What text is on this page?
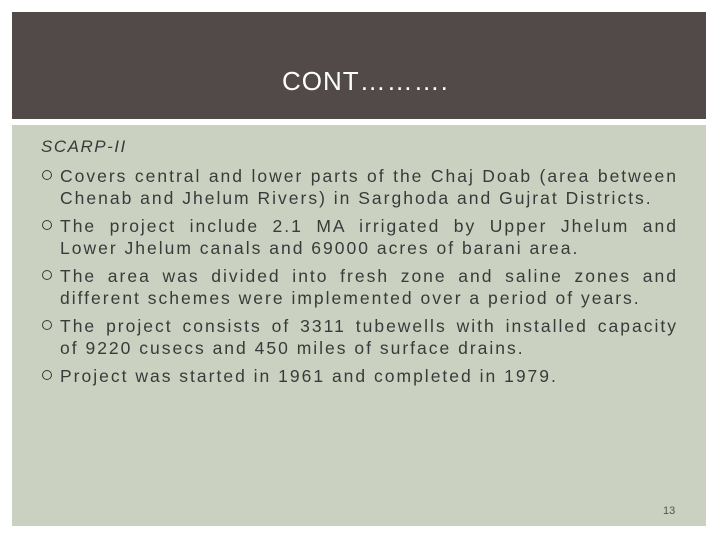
CONT……….
SCARP-II
Covers central and lower parts of the Chaj Doab (area between Chenab and Jhelum Rivers) in Sarghoda and Gujrat Districts.
The project include 2.1 MA irrigated by Upper Jhelum and Lower Jhelum canals and 69000 acres of barani area.
The area was divided into fresh zone and saline zones and different schemes were implemented over a period of years.
The project consists of 3311 tubewells with installed capacity of 9220 cusecs and 450 miles of surface drains.
Project was started in 1961 and completed in 1979.
13
